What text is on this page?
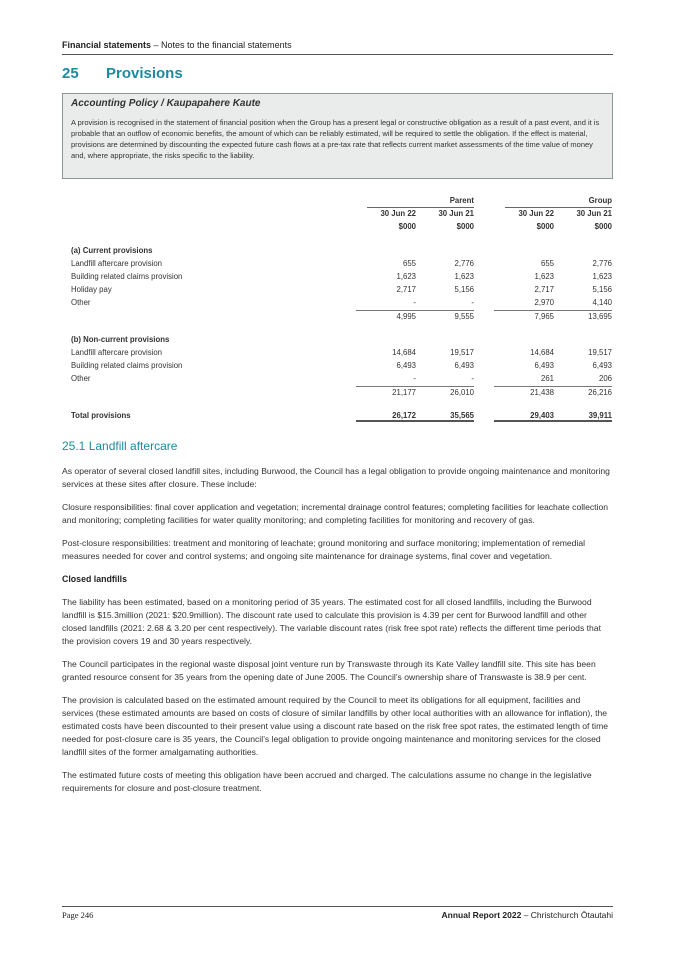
Financial statements – Notes to the financial statements
25 Provisions
Accounting Policy / Kaupapahere Kaute
A provision is recognised in the statement of financial position when the Group has a present legal or constructive obligation as a result of a past event, and it is probable that an outflow of economic benefits, the amount of which can be reliably estimated, will be required to settle the obligation. If the effect is material, provisions are determined by discounting the expected future cash flows at a pre-tax rate that reflects current market assessments of the time value of money and, where appropriate, the risks specific to the liability.
Parent	Group
30 Jun 22	30 Jun 21	30 Jun 22	30 Jun 21
$000	$000	$000	$000
(a) Current provisions
Landfill aftercare provision	655	2,776	655	2,776
Building related claims provision	1,623	1,623	1,623	1,623
Holiday pay	2,717	5,156	2,717	5,156
Other	-	-	2,970	4,140
4,995	9,555	7,965	13,695
(b) Non-current provisions
Landfill aftercare provision	14,684	19,517	14,684	19,517
Building related claims provision	6,493	6,493	6,493	6,493
Other	-	-	261	206
21,177	26,010	21,438	26,216
Total provisions	26,172	35,565	29,403	39,911
25.1 Landfill aftercare

As operator of several closed landfill sites, including Burwood, the Council has a legal obligation to provide ongoing maintenance and monitoring services at these sites after closure. These include:

Closure responsibilities: final cover application and vegetation; incremental drainage control features; completing facilities for leachate collection and monitoring; completing facilities for water quality monitoring; and completing facilities for monitoring and recovery of gas.

Post-closure responsibilities: treatment and monitoring of leachate; ground monitoring and surface monitoring; implementation of remedial measures needed for cover and control systems; and ongoing site maintenance for drainage systems, final cover and vegetation.

Closed landfills

The liability has been estimated, based on a monitoring period of 35 years. The estimated cost for all closed landfills, including the Burwood landfill is $15.3million (2021: $20.9million). The discount rate used to calculate this provision is 4.39 per cent for Burwood landfill and other closed landfills (2021: 2.68 & 3.20 per cent respectively). The variable discount rates (risk free spot rate) reflects the different time periods that the provision covers 19 and 30 years respectively.

The Council participates in the regional waste disposal joint venture run by Transwaste through its Kate Valley landfill site. This site has been granted resource consent for 35 years from the opening date of June 2005. The Council’s ownership share of Transwaste is 38.9 per cent.

The provision is calculated based on the estimated amount required by the Council to meet its obligations for all equipment, facilities and services (these estimated amounts are based on costs of closure of similar landfills by other local authorities with an allowance for inflation), the estimated costs have been discounted to their present value using a discount rate based on the risk free spot rates, the estimated length of time needed for post-closure care is 35 years, the Council’s legal obligation to provide ongoing maintenance and monitoring services for the closed landfill sites of the former amalgamating authorities.

The estimated future costs of meeting this obligation have been accrued and charged. The calculations assume no change in the legislative requirements for closure and post-closure treatment.

Page 246	Annual Report 2022 – Christchurch Ōtautahi
